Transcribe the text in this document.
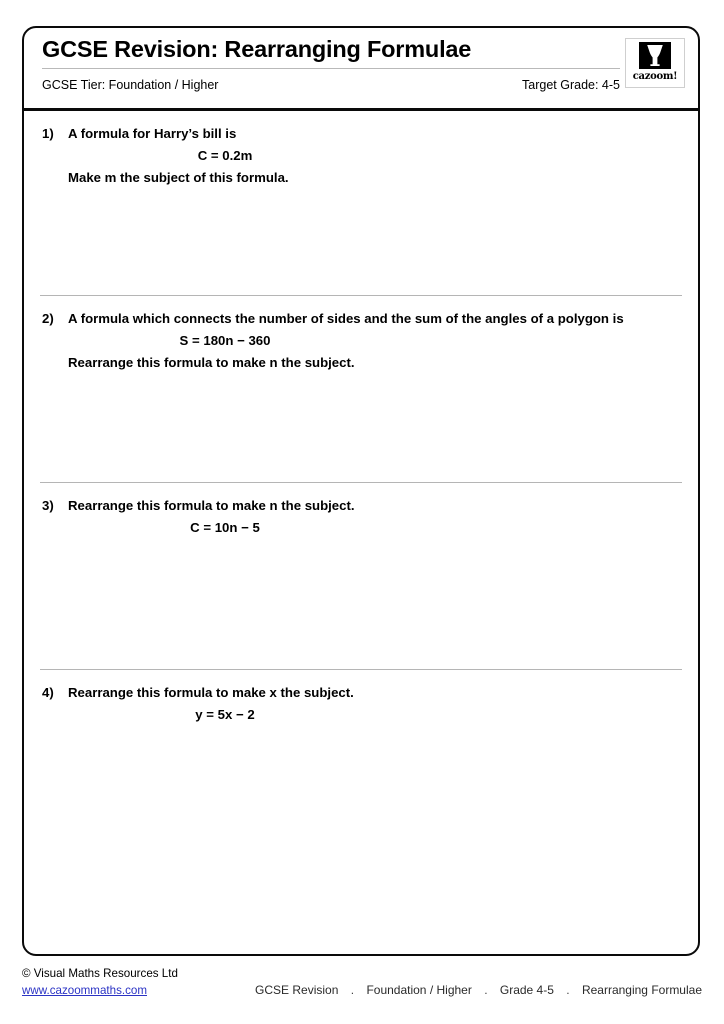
GCSE Revision: Rearranging Formulae
GCSE Tier: Foundation / Higher	Target Grade: 4-5
cazoom!
1)	A formula for Harry’s bill is
C = 0.2m
Make m the subject of this formula.
2)	A formula which connects the number of sides and the sum of the angles of a polygon is
S = 180n − 360
Rearrange this formula to make n the subject.
3)	Rearrange this formula to make n the subject.
C = 10n − 5
4)	Rearrange this formula to make x the subject.
y = 5x − 2
© Visual Maths Resources Ltd
www.cazoommaths.com	GCSE Revision . Foundation / Higher . Grade 4-5 . Rearranging Formulae
